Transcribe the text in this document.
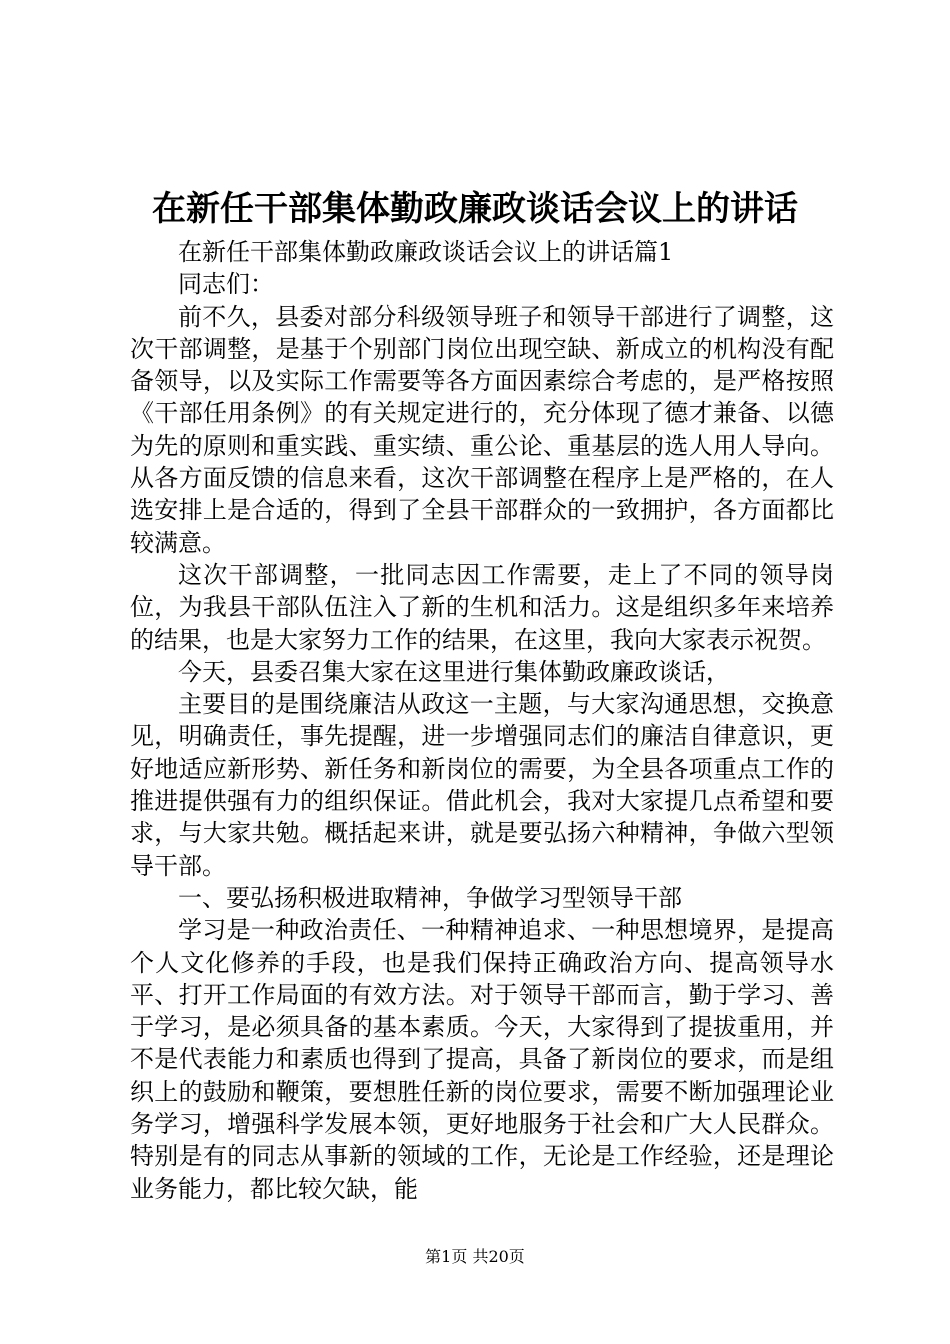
在新任干部集体勤政廉政谈话会议上的讲话

在新任干部集体勤政廉政谈话会议上的讲话篇1

同志们：

前不久，县委对部分科级领导班子和领导干部进行了调整，这次干部调整，是基于个别部门岗位出现空缺、新成立的机构没有配备领导，以及实际工作需要等各方面因素综合考虑的，是严格按照《干部任用条例》的有关规定进行的，充分体现了德才兼备、以德为先的原则和重实践、重实绩、重公论、重基层的选人用人导向。从各方面反馈的信息来看，这次干部调整在程序上是严格的，在人选安排上是合适的，得到了全县干部群众的一致拥护，各方面都比较满意。

这次干部调整，一批同志因工作需要，走上了不同的领导岗位，为我县干部队伍注入了新的生机和活力。这是组织多年来培养的结果，也是大家努力工作的结果，在这里，我向大家表示祝贺。

今天，县委召集大家在这里进行集体勤政廉政谈话，

主要目的是围绕廉洁从政这一主题，与大家沟通思想，交换意见，明确责任，事先提醒，进一步增强同志们的廉洁自律意识，更好地适应新形势、新任务和新岗位的需要，为全县各项重点工作的推进提供强有力的组织保证。借此机会，我对大家提几点希望和要求，与大家共勉。概括起来讲，就是要弘扬六种精神，争做六型领导干部。

一、要弘扬积极进取精神，争做学习型领导干部

学习是一种政治责任、一种精神追求、一种思想境界，是提高个人文化修养的手段，也是我们保持正确政治方向、提高领导水平、打开工作局面的有效方法。对于领导干部而言，勤于学习、善于学习，是必须具备的基本素质。今天，大家得到了提拔重用，并不是代表能力和素质也得到了提高，具备了新岗位的要求，而是组织上的鼓励和鞭策，要想胜任新的岗位要求，需要不断加强理论业务学习，增强科学发展本领，更好地服务于社会和广大人民群众。特别是有的同志从事新的领域的工作，无论是工作经验，还是理论业务能力，都比较欠缺，能

第1页 共20页
